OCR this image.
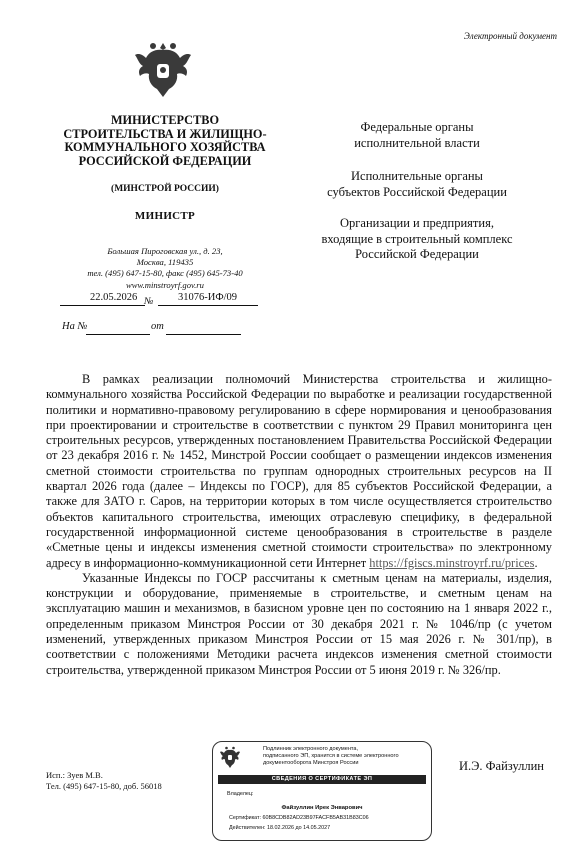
Электронный документ
МИНИСТЕРСТВО
СТРОИТЕЛЬСТВА И ЖИЛИЩНО-
КОММУНАЛЬНОГО ХОЗЯЙСТВА
РОССИЙСКОЙ ФЕДЕРАЦИИ
(МИНСТРОЙ РОССИИ)
МИНИСТР
Большая Пироговская ул., д. 23,
Москва, 119435
тел. (495) 647-15-80, факс (495) 645-73-40
www.minstroyrf.gov.ru
22.05.2026 № 31076-ИФ/09
На №	от
Федеральные органы
исполнительной власти
Исполнительные органы
субъектов Российской Федерации
Организации и предприятия,
входящие в строительный комплекс
Российской Федерации

В рамках реализации полномочий Министерства строительства и жилищно-коммунального хозяйства Российской Федерации по выработке и реализации государственной политики и нормативно-правовому регулированию в сфере нормирования и ценообразования при проектировании и строительстве в соответствии с пунктом 29 Правил мониторинга цен строительных ресурсов, утвержденных постановлением Правительства Российской Федерации от 23 декабря 2016 г. № 1452, Минстрой России сообщает о размещении индексов изменения сметной стоимости строительства по группам однородных строительных ресурсов на II квартал 2026 года (далее – Индексы по ГОСР), для 85 субъектов Российской Федерации, а также для ЗАТО г. Саров, на территории которых в том числе осуществляется строительство объектов капитального строительства, имеющих отраслевую специфику, в федеральной государственной информационной системе ценообразования в строительстве в разделе «Сметные цены и индексы изменения сметной стоимости строительства» по электронному адресу в информационно-коммуникационной сети Интернет https://fgiscs.minstroyrf.ru/prices.

Указанные Индексы по ГОСР рассчитаны к сметным ценам на материалы, изделия, конструкции и оборудование, применяемые в строительстве, и сметным ценам на эксплуатацию машин и механизмов, в базисном уровне цен по состоянию на 1 января 2022 г., определенным приказом Минстроя России от 30 декабря 2021 г. № 1046/пр (с учетом изменений, утвержденных приказом Минстроя России от 15 мая 2026 г. № 301/пр), в соответствии с положениями Методики расчета индексов изменения сметной стоимости строительства, утвержденной приказом Минстроя России от 5 июня 2019 г. № 326/пр.

Исп.: Зуев М.В.
Тел. (495) 647-15-80, доб. 56018
И.Э. Файзуллин
Подлинник электронного документа,
подписанного ЭП, хранится в системе электронного
документооборота Минстроя России
СВЕДЕНИЯ О СЕРТИФИКАТЕ ЭП
Владелец:
Файзуллин Ирек Энварович
Сертификат: 60B8CDB82AD23B97FACFB5AB31B83C06
Действителен: 18.02.2026 до 14.05.2027
